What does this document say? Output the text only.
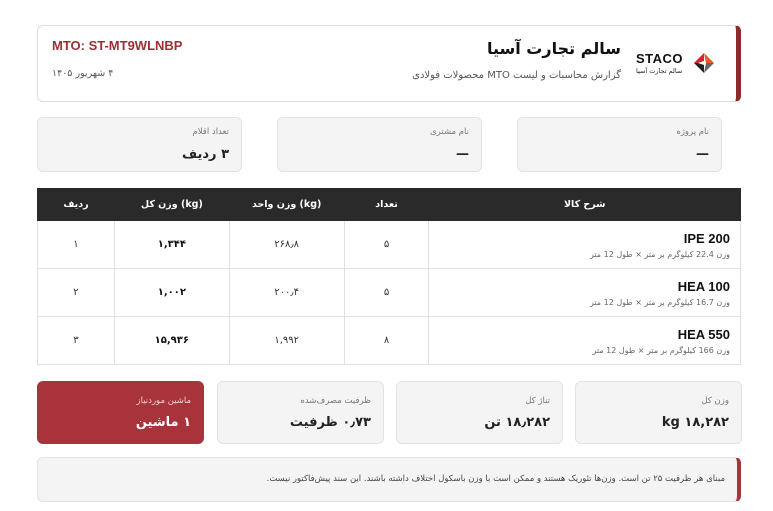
MTO: ST-MT9WLNBP
۴ شهریور ۱۴۰۵
سالم تجارت آسیا
گزارش محاسبات و لیست MTO محصولات فولادی
STACO
سالم تجارت آسیا
نام پروژه
—
نام مشتری
—
تعداد اقلام
۳ ردیف
ردیف	وزن کل (kg)	وزن واحد (kg)	تعداد	شرح کالا
۱	۱,۳۴۴	۲۶۸٫۸	۵	IPE 200
وزن 22.4 کیلوگرم بر متر × طول 12 متر

۲	۱,۰۰۲	۲۰۰٫۴	۵	HEA 100
وزن 16.7 کیلوگرم بر متر × طول 12 متر

۳	۱۵,۹۳۶	۱,۹۹۲	۸	HEA 550
وزن 166 کیلوگرم بر متر × طول 12 متر
وزن کل
kg ۱۸,۲۸۲
تناژ کل
۱۸٫۲۸۲ تن
ظرفیت مصرف‌شده
۰٫۷۳ ظرفیت
ماشین موردنیاز
۱ ماشین
مبنای هر ظرفیت ۲۵ تن است. وزن‌ها تئوریک هستند و ممکن است با وزن باسکول اختلاف داشته باشند. این سند پیش‌فاکتور نیست.
